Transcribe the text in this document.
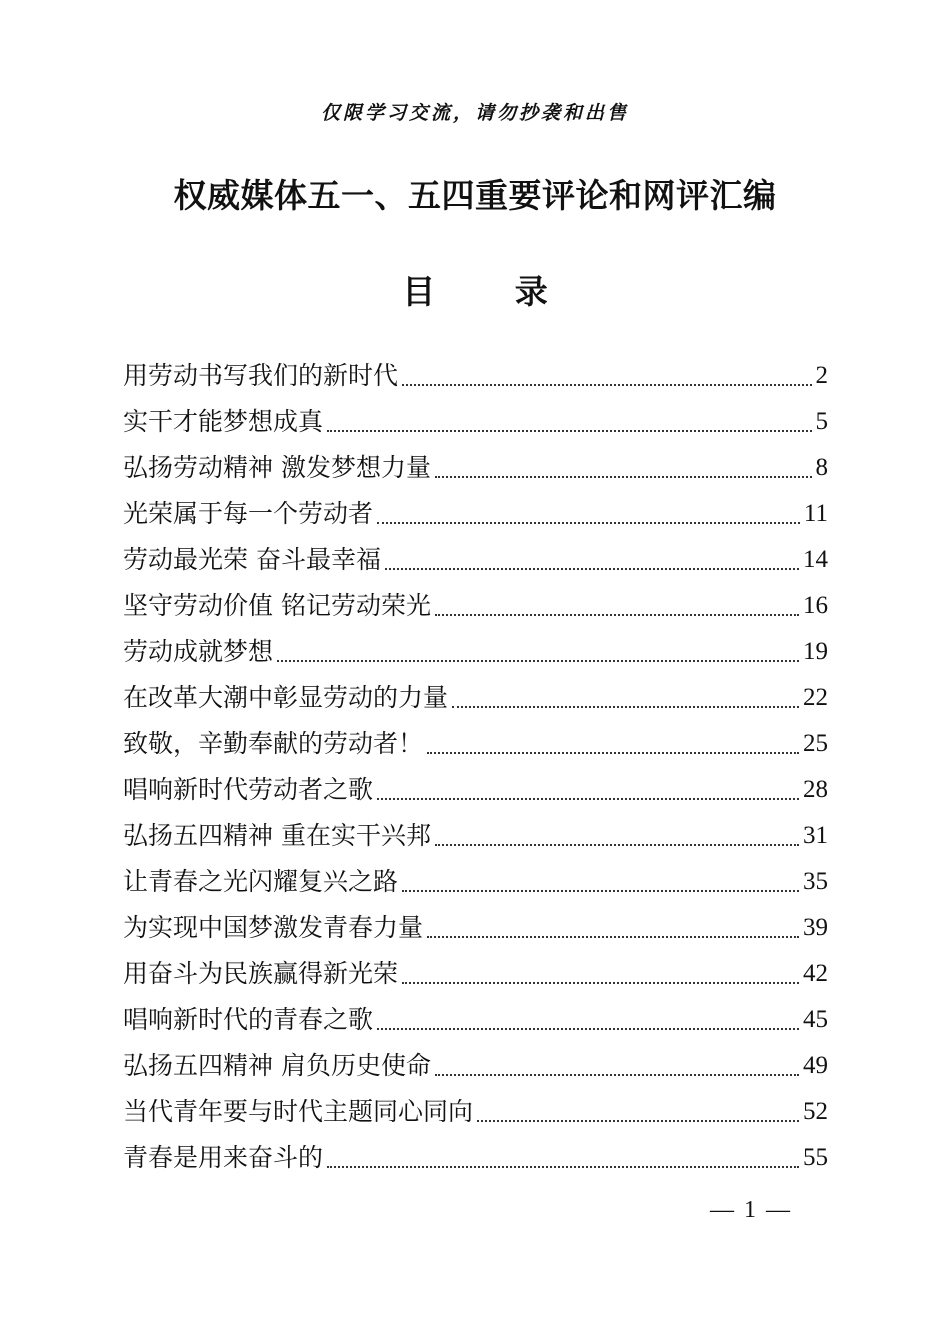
仅限学习交流，请勿抄袭和出售
权威媒体五一、五四重要评论和网评汇编
目 录
用劳动书写我们的新时代	2
实干才能梦想成真	5
弘扬劳动精神 激发梦想力量	8
光荣属于每一个劳动者	11
劳动最光荣 奋斗最幸福	14
坚守劳动价值 铭记劳动荣光	16
劳动成就梦想	19
在改革大潮中彰显劳动的力量	22
致敬，辛勤奉献的劳动者！	25
唱响新时代劳动者之歌	28
弘扬五四精神 重在实干兴邦	31
让青春之光闪耀复兴之路	35
为实现中国梦激发青春力量	39
用奋斗为民族赢得新光荣	42
唱响新时代的青春之歌	45
弘扬五四精神 肩负历史使命	49
当代青年要与时代主题同心同向	52
青春是用来奋斗的	55
— 1 —
